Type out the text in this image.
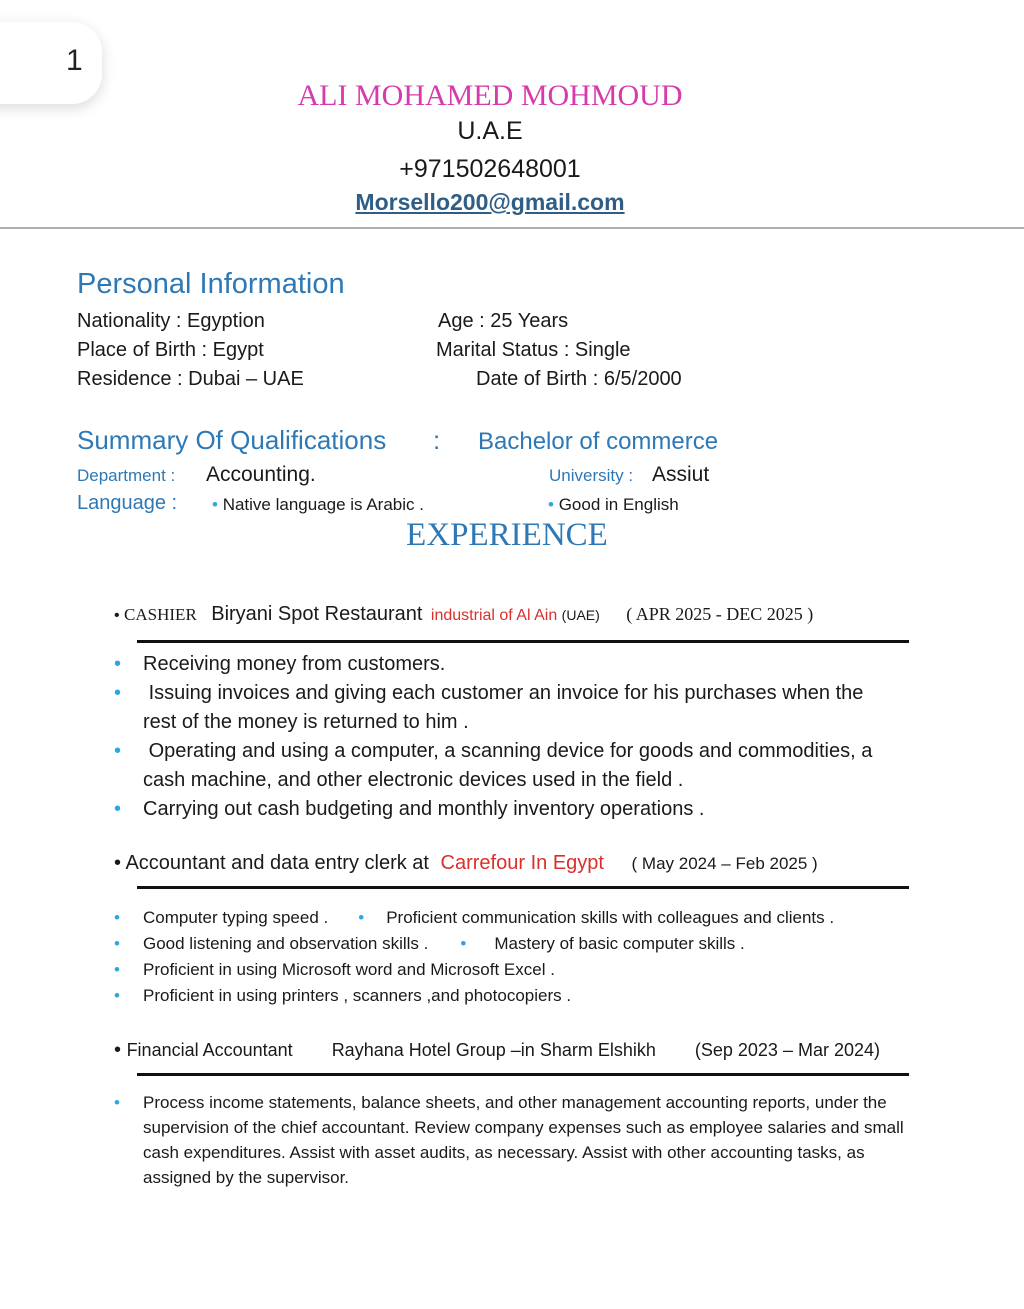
1
ALI MOHAMED MOHMOUD
U.A.E
+971502648001
Morsello200@gmail.com
Personal Information
Nationality : Egyption	Age : 25 Years
Place of Birth : Egypt	Marital Status : Single
Residence : Dubai – UAE	Date of Birth : 6/5/2000
Summary Of Qualifications : Bachelor of commerce
Department : Accounting.	University : Assiut
Language : • Native language is Arabic .	• Good in English
EXPERIENCE
• CASHIER Biryani Spot Restaurant industrial of Al Ain (UAE) ( APR 2025 - DEC 2025 )
•	Receiving money from customers.
•	Issuing invoices and giving each customer an invoice for his purchases when the rest of the money is returned to him .
•	Operating and using a computer, a scanning device for goods and commodities, a cash machine, and other electronic devices used in the field .
•	Carrying out cash budgeting and monthly inventory operations .
• Accountant and data entry clerk at Carrefour In Egypt ( May 2024 – Feb 2025 )
• Computer typing speed . • Proficient communication skills with colleagues and clients .
• Good listening and observation skills . • Mastery of basic computer skills .
• Proficient in using Microsoft word and Microsoft Excel .
• Proficient in using printers , scanners ,and photocopiers .
• Financial Accountant Rayhana Hotel Group –in Sharm Elshikh (Sep 2023 – Mar 2024)
•	Process income statements, balance sheets, and other management accounting reports, under the supervision of the chief accountant. Review company expenses such as employee salaries and small cash expenditures. Assist with asset audits, as necessary. Assist with other accounting tasks, as assigned by the supervisor.
